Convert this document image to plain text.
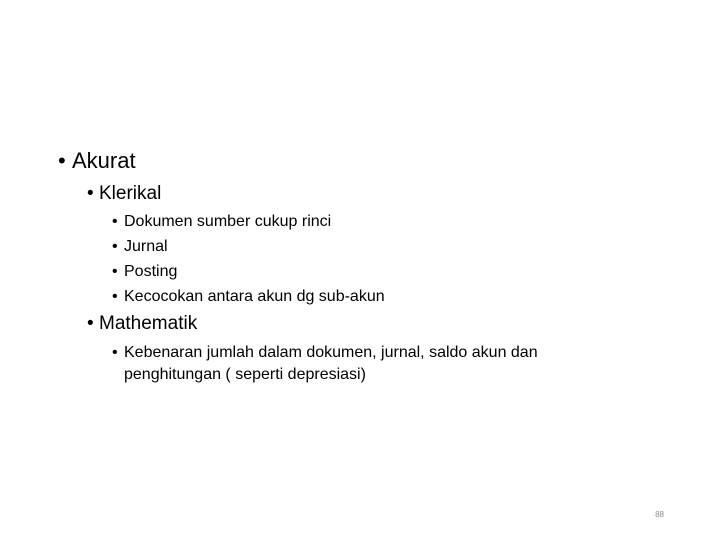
• Akurat
• Klerikal
• Dokumen sumber cukup rinci
• Jurnal
• Posting
• Kecocokan antara akun dg sub-akun
• Mathematik
• Kebenaran jumlah dalam dokumen, jurnal, saldo akun dan penghitungan ( seperti depresiasi)
88
